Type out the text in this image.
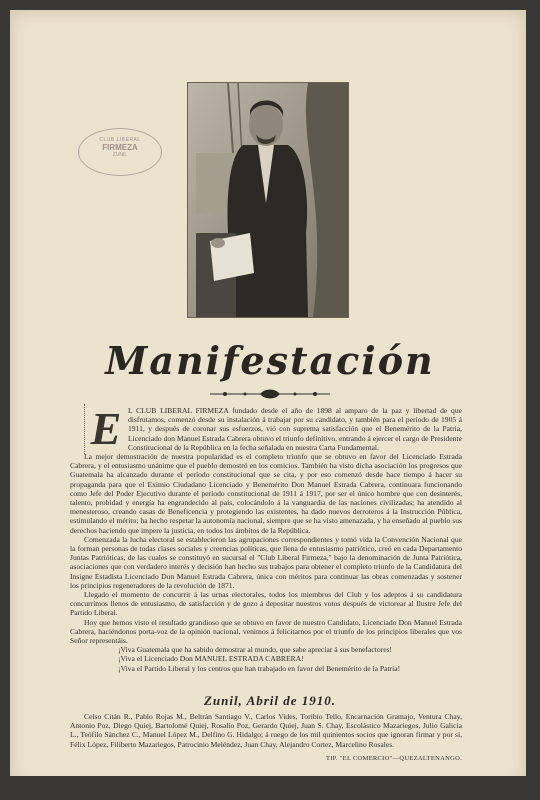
CLUB LIBERAL
FIRMEZA
ZUNIL
Manifestación
E L CLUB LIBERAL FIRMEZA fundado desde el año de 1898 al amparo de la paz y libertad de que disfrutamos, comenzó desde su instalación á trabajar por su candidato, y también para el período de 1905 á 1911, y después de coronar sus esfuerzos, vió con suprema satisfacción que el Benemérito de la Patria, Licenciado don Manuel Estrada Cabrera obtuvo el triunfo definitivo, entrando á ejercer el cargo de Presidente Constitucional de la República en la fecha señalada en nuestra Carta Fundamental.

La mejor demostración de nuestra popularidad es el completo triunfo que se obtuvo en favor del Licenciado Estrada Cabrera, y el entusiasmo unánime que el pueblo demostró en los comicios. También ha visto dicha asociación los progresos que Guatemala ha alcanzado durante el período constitucional que se cita, y por eso comenzó desde hace tiempo á hacer su propaganda para que el Eximio Ciudadano Licenciado y Benemérito Don Manuel Estrada Cabrera, continuara funcionando como Jefe del Poder Ejecutivo durante el período constitucional de 1911 á 1917, por ser el único hombre que con desinterés, talento, probidad y energía ha engrandecido al país, colocándolo á la vanguardia de las naciones civilizadas; ha atendido al menesteroso, creando casas de Beneficencia y protegiendo las existentes, ha dado nuevos derroteros á la Instrucción Pública, estimulando el mérito; ha hecho respetar la autonomía nacional, siempre que se ha visto amenazada, y ha enseñado al pueblo sus derechos haciendo que impere la justicia, en todos los ámbitos de la República.

Comenzada la lucha electoral se establecieron las agrupaciones correspondientes y tomó vida la Convención Nacional que la forman personas de todas clases sociales y creencias políticas, que llena de entusiasmo patriótico, creó en cada Departamento Juntas Patrióticas, de las cuales se constituyó en sucursal el "Club Liberal Firmeza," bajo la denominación de Junta Patriótica, asociaciones que con verdadero interés y decisión han hecho sus trabajos para obtener el completo triunfo de la Candidatura del Insigne Estadista Licenciado Don Manuel Estrada Cabrera, única con méritos para continuar las obras comenzadas y sostener los principios regeneradores de la revolución de 1871.

Llegado el momento de concurrir á las urnas electorales, todos los miembros del Club y los adeptos á su candidatura concurrimos llenos de entusiasmo, de satisfacción y de gozo á depositar nuestros votos después de victorear al Ilustre Jefe del Partido Liberal.

Hoy que hemos visto el resultado grandioso que se obtuvo en favor de nuestro Candidato, Licenciado Don Manuel Estrada Cabrera, haciéndonos porta-voz de la opinión nacional, venimos á felicitarnos por el triunfo de los principios liberales que vos Señor representáis.

¡Viva Guatemala que ha sabido demostrar al mundo, que sabe apreciar á sus benefactores!

¡Viva el Licenciado Don MANUEL ESTRADA CABRERA!

¡Viva el Partido Liberal y los centros que han trabajado en favor del Benemérito de la Patria!

Zunil, Abril de 1910.
Celso Citán R., Pablo Rojas M., Beltrán Santiago V., Carlos Vides, Toribio Tello, Encarnación Gramajo, Ventura Chay, Antonio Poz, Diego Quiej, Bartolomé Quiej, Rosalío Poz, Gerardo Quiej, Juan S. Chay, Escolástico Mazariegos, Julio Galicia L., Teófilo Sánchez C., Manuel López M., Delfino G. Hidalgo; á ruego de los mil quinientos socios que ignoran firmar y por sí, Félix López, Filiberto Mazariegos, Patrocinio Meléndez, Juan Chay, Alejandro Cortez, Marcelino Rosales.
TIP. "EL COMERCIO"—QUEZALTENANGO.
